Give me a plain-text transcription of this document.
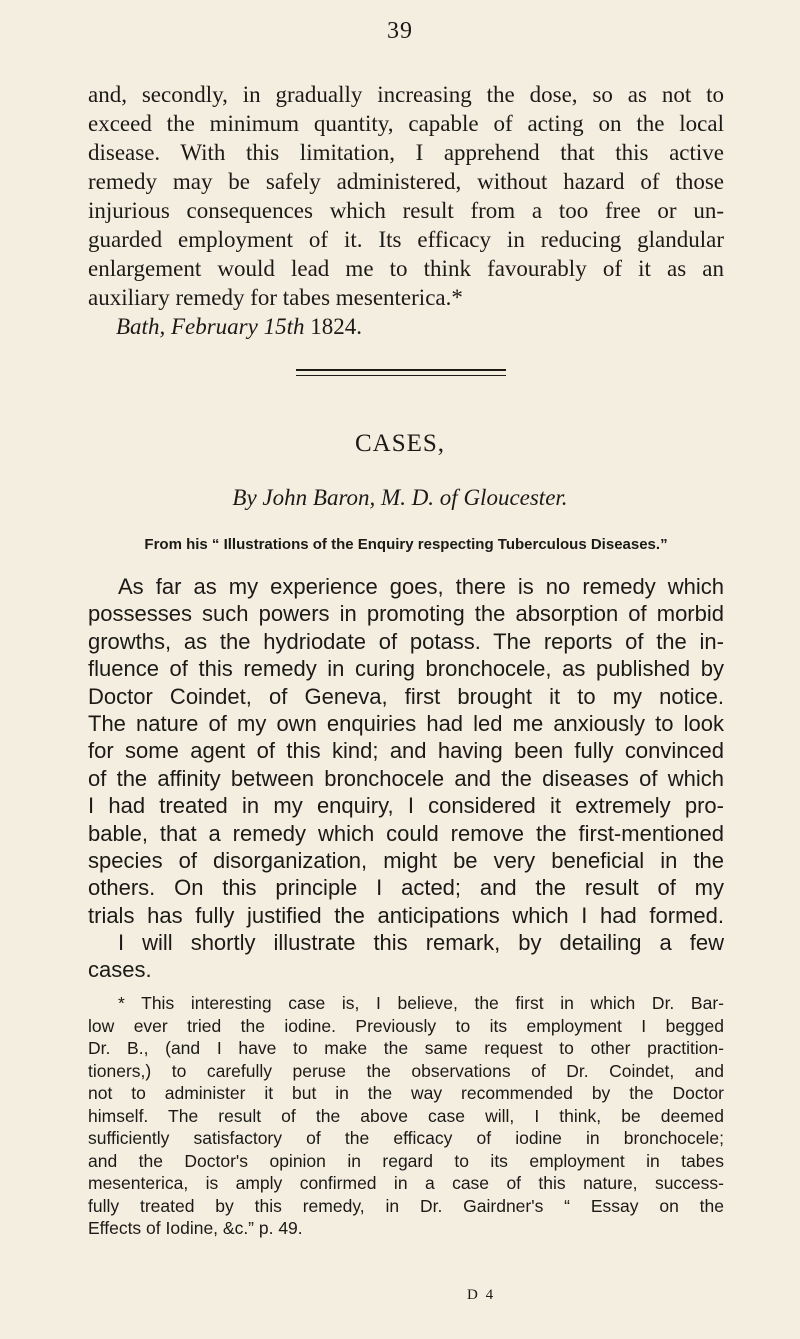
39
and, secondly, in gradually increasing the dose, so as not to
exceed the minimum quantity, capable of acting on the local
disease. With this limitation, I apprehend that this active
remedy may be safely administered, without hazard of those
injurious consequences which result from a too free or un-
guarded employment of it. Its efficacy in reducing glandular
enlargement would lead me to think favourably of it as an
auxiliary remedy for tabes mesenterica.*
Bath, February 15th 1824.
CASES,
By John Baron, M. D. of Gloucester.
From his “ Illustrations of the Enquiry respecting Tuberculous Diseases.”
As far as my experience goes, there is no remedy which
possesses such powers in promoting the absorption of morbid
growths, as the hydriodate of potass. The reports of the in-
fluence of this remedy in curing bronchocele, as published by
Doctor Coindet, of Geneva, first brought it to my notice.
The nature of my own enquiries had led me anxiously to look
for some agent of this kind; and having been fully convinced
of the affinity between bronchocele and the diseases of which
I had treated in my enquiry, I considered it extremely pro-
bable, that a remedy which could remove the first-mentioned
species of disorganization, might be very beneficial in the
others. On this principle I acted; and the result of my
trials has fully justified the anticipations which I had formed.
I will shortly illustrate this remark, by detailing a few
cases.
* This interesting case is, I believe, the first in which Dr. Bar-
low ever tried the iodine. Previously to its employment I begged
Dr. B., (and I have to make the same request to other practition-
tioners,) to carefully peruse the observations of Dr. Coindet, and
not to administer it but in the way recommended by the Doctor
himself. The result of the above case will, I think, be deemed
sufficiently satisfactory of the efficacy of iodine in bronchocele;
and the Doctor's opinion in regard to its employment in tabes
mesenterica, is amply confirmed in a case of this nature, success-
fully treated by this remedy, in Dr. Gairdner's “ Essay on the
Effects of Iodine, &c.” p. 49.
D 4
